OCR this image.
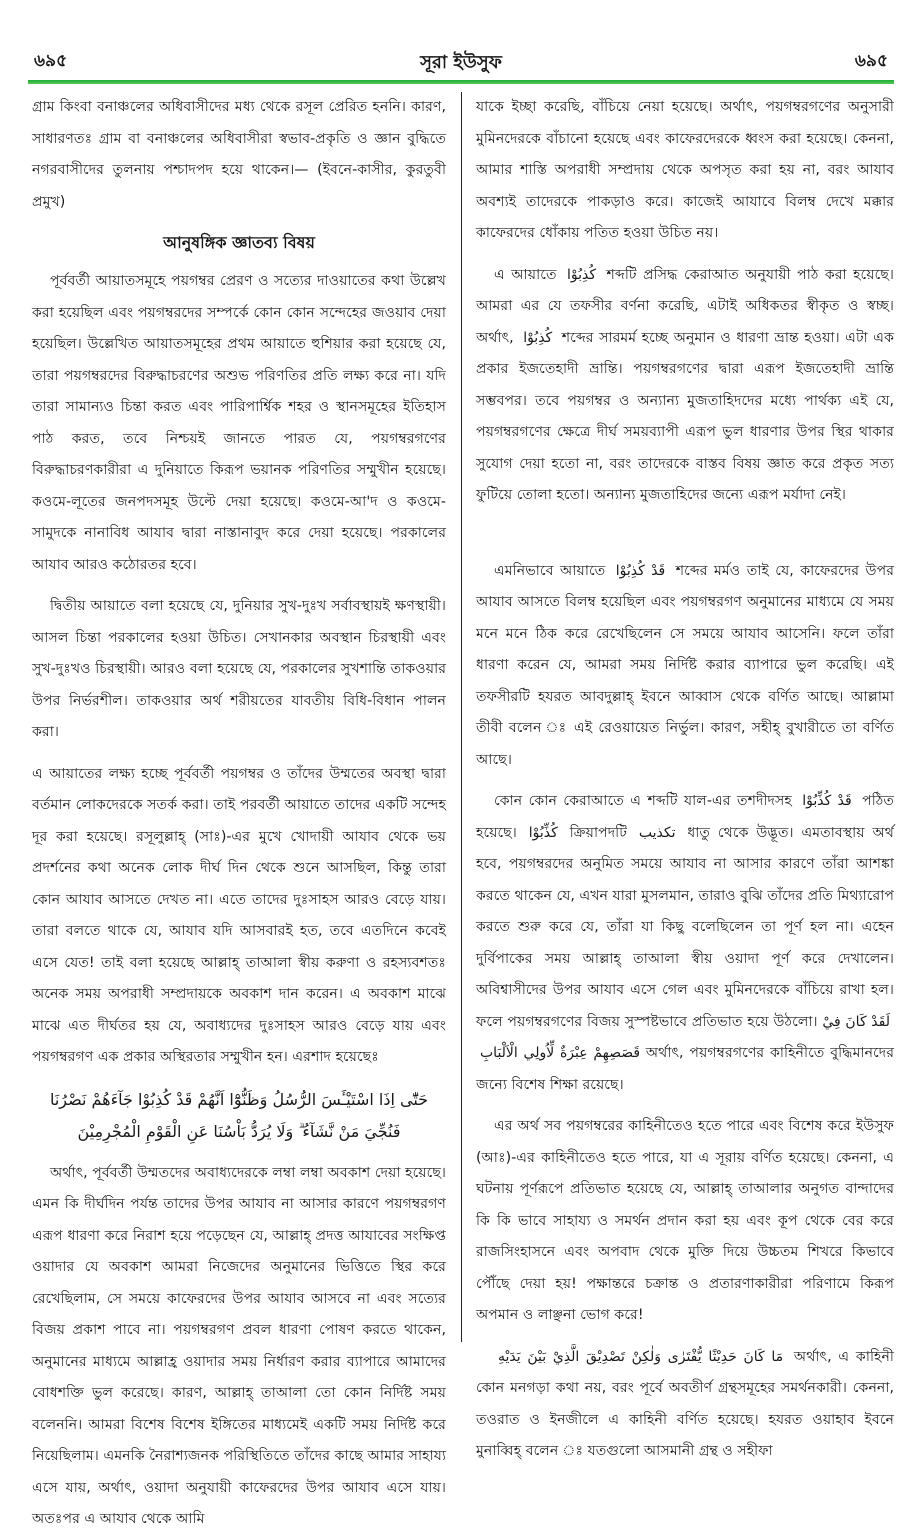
৬৯৫	সূরা ইউসুফ	৬৯৫

গ্রাম কিংবা বনাঞ্চলের অধিবাসীদের মধ্য থেকে রসূল প্রেরিত হননি। কারণ, সাধারণতঃ গ্রাম বা বনাঞ্চলের অধিবাসীরা স্বভাব-প্রকৃতি ও জ্ঞান বুদ্ধিতে নগরবাসীদের তুলনায় পশ্চাদপদ হয়ে থাকেন।— (ইবনে-কাসীর, কুরতুবী প্রমুখ)

আনুষঙ্গিক জ্ঞাতব্য বিষয়

পূর্ববর্তী আয়াতসমূহে পয়গম্বর প্রেরণ ও সত্যের দাওয়াতের কথা উল্লেখ করা হয়েছিল এবং পয়গম্বরদের সম্পর্কে কোন কোন সন্দেহের জওয়াব দেয়া হয়েছিল। উল্লেখিত আয়াতসমূহের প্রথম আয়াতে হুশিয়ার করা হয়েছে যে, তারা পয়গম্বরদের বিরুদ্ধাচরণের অশুভ পরিণতির প্রতি লক্ষ্য করে না। যদি তারা সামান্যও চিন্তা করত এবং পারিপার্শ্বিক শহর ও স্থানসমূহের ইতিহাস পাঠ করত, তবে নিশ্চয়ই জানতে পারত যে, পয়গম্বরগণের বিরুদ্ধাচরণকারীরা এ দুনিয়াতে কিরূপ ভয়ানক পরিণতির সম্মুখীন হয়েছে। কওমে-লূতের জনপদসমূহ উল্টে দেয়া হয়েছে। কওমে-আ'দ ও কওমে-সামুদকে নানাবিধ আযাব দ্বারা নাস্তানাবুদ করে দেয়া হয়েছে। পরকালের আযাব আরও কঠোরতর হবে।

দ্বিতীয় আয়াতে বলা হয়েছে যে, দুনিয়ার সুখ-দুঃখ সর্বাবস্থায়ই ক্ষণস্থায়ী। আসল চিন্তা পরকালের হওয়া উচিত। সেখানকার অবস্থান চিরস্থায়ী এবং সুখ-দুঃখও চিরস্থায়ী। আরও বলা হয়েছে যে, পরকালের সুখশান্তি তাকওয়ার উপর নির্ভরশীল। তাকওয়ার অর্থ শরীয়তের যাবতীয় বিধি-বিধান পালন করা।

এ আয়াতের লক্ষ্য হচ্ছে পূর্ববর্তী পয়গম্বর ও তাঁদের উম্মতের অবস্থা দ্বারা বর্তমান লোকদেরকে সতর্ক করা। তাই পরবর্তী আয়াতে তাদের একটি সন্দেহ দূর করা হয়েছে। রসূলুল্লাহ্ (সাঃ)-এর মুখে খোদায়ী আযাব থেকে ভয় প্রদর্শনের কথা অনেক লোক দীর্ঘ দিন থেকে শুনে আসছিল, কিন্তু তারা কোন আযাব আসতে দেখত না। এতে তাদের দুঃসাহস আরও বেড়ে যায়। তারা বলতে থাকে যে, আযাব যদি আসবারই হত, তবে এতদিনে কবেই এসে যেত! তাই বলা হয়েছে আল্লাহ্ তাআলা স্বীয় করুণা ও রহস্যবশতঃ অনেক সময় অপরাধী সম্প্রদায়কে অবকাশ দান করেন। এ অবকাশ মাঝে মাঝে এত দীর্ঘতর হয় যে, অবাধ্যদের দুঃসাহস আরও বেড়ে যায় এবং পয়গম্বরগণ এক প্রকার অস্থিরতার সম্মুখীন হন। এরশাদ হয়েছেঃ

حَتّٰٓى اِذَا اسْتَيْـَٔسَ الرُّسُلُ وَظَنُّوْٓا اَنَّهُمْ قَدْ كُذِبُوْا جَآءَهُمْ نَصْرُنَا
فَنُجِّيَ مَنْ نَّشَآءُ ۗ وَلَا يُرَدُّ بَاْسُنَا عَنِ الْقَوْمِ الْمُجْرِمِيْنَ

অর্থাৎ, পূর্ববর্তী উম্মতদের অবাধ্যদেরকে লম্বা লম্বা অবকাশ দেয়া হয়েছে। এমন কি দীর্ঘদিন পর্যন্ত তাদের উপর আযাব না আসার কারণে পয়গম্বরগণ এরূপ ধারণা করে নিরাশ হয়ে পড়েছেন যে, আল্লাহ্ প্রদত্ত আযাবের সংক্ষিপ্ত ওয়াদার যে অবকাশ আমরা নিজেদের অনুমানের ভিত্তিতে স্থির করে রেখেছিলাম, সে সময়ে কাফেরদের উপর আযাব আসবে না এবং সত্যের বিজয় প্রকাশ পাবে না। পয়গম্বরগণ প্রবল ধারণা পোষণ করতে থাকেন, অনুমানের মাধ্যমে আল্লাহ্র ওয়াদার সময় নির্ধারণ করার ব্যাপারে আমাদের বোধশক্তি ভুল করেছে। কারণ, আল্লাহ্ তাআলা তো কোন নির্দিষ্ট সময় বলেননি। আমরা বিশেষ বিশেষ ইঙ্গিতের মাধ্যমেই একটি সময় নির্দিষ্ট করে নিয়েছিলাম। এমনকি নৈরাশ্যজনক পরিস্থিতিতে তাঁদের কাছে আমার সাহায্য এসে যায়, অর্থাৎ, ওয়াদা অনুযায়ী কাফেরদের উপর আযাব এসে যায়। অতঃপর এ আযাব থেকে আমি

যাকে ইচ্ছা করেছি, বাঁচিয়ে নেয়া হয়েছে। অর্থাৎ, পয়গম্বরগণের অনুসারী মুমিনদেরকে বাঁচানো হয়েছে এবং কাফেরদেরকে ধ্বংস করা হয়েছে। কেননা, আমার শাস্তি অপরাধী সম্প্রদায় থেকে অপসৃত করা হয় না, বরং আযাব অবশ্যই তাদেরকে পাকড়াও করে। কাজেই আযাবে বিলম্ব দেখে মক্কার কাফেরদের ধোঁকায় পতিত হওয়া উচিত নয়।

এ আয়াতে كُذِبُوْا শব্দটি প্রসিদ্ধ কেরাআত অনুযায়ী পাঠ করা হয়েছে। আমরা এর যে তফসীর বর্ণনা করেছি, এটাই অধিকতর স্বীকৃত ও স্বচ্ছ। অর্থাৎ, كُذِبُوْا শব্দের সারমর্ম হচ্ছে অনুমান ও ধারণা ভ্রান্ত হওয়া। এটা এক প্রকার ইজতেহাদী ভ্রান্তি। পয়গম্বরগণের দ্বারা এরূপ ইজতেহাদী ভ্রান্তি সম্ভবপর। তবে পয়গম্বর ও অন্যান্য মুজতাহিদদের মধ্যে পার্থক্য এই যে, পয়গম্বরগণের ক্ষেত্রে দীর্ঘ সময়ব্যাপী এরূপ ভুল ধারণার উপর স্থির থাকার সুযোগ দেয়া হতো না, বরং তাদেরকে বাস্তব বিষয় জ্ঞাত করে প্রকৃত সত্য ফুটিয়ে তোলা হতো। অন্যান্য মুজতাহিদের জন্যে এরূপ মর্যাদা নেই।

এমনিভাবে আয়াতে قَدْ كُذِبُوْا শব্দের মর্মও তাই যে, কাফেরদের উপর আযাব আসতে বিলম্ব হয়েছিল এবং পয়গম্বরগণ অনুমানের মাধ্যমে যে সময় মনে মনে ঠিক করে রেখেছিলেন সে সময়ে আযাব আসেনি। ফলে তাঁরা ধারণা করেন যে, আমরা সময় নির্দিষ্ট করার ব্যাপারে ভুল করেছি। এই তফসীরটি হযরত আবদুল্লাহ্ ইবনে আব্বাস থেকে বর্ণিত আছে। আল্লামা তীবী বলেন ঃ এই রেওয়ায়েত নির্ভুল। কারণ, সহীহ্ বুখারীতে তা বর্ণিত আছে।

কোন কোন কেরাআতে এ শব্দটি যাল-এর তশদীদসহ قَدْ كُذِّبُوْا পঠিত হয়েছে। كُذِّبُوْا ক্রিয়াপদটি تكذيب ধাতু থেকে উদ্ভূত। এমতাবস্থায় অর্থ হবে, পয়গম্বরদের অনুমিত সময়ে আযাব না আসার কারণে তাঁরা আশঙ্কা করতে থাকেন যে, এখন যারা মুসলমান, তারাও বুঝি তাঁদের প্রতি মিথ্যারোপ করতে শুরু করে যে, তাঁরা যা কিছু বলেছিলেন তা পূর্ণ হল না। এহেন দুর্বিপাকের সময় আল্লাহ্ তাআলা স্বীয় ওয়াদা পূর্ণ করে দেখালেন। অবিশ্বাসীদের উপর আযাব এসে গেল এবং মুমিনদেরকে বাঁচিয়ে রাখা হল। ফলে পয়গম্বরগণের বিজয় সুস্পষ্টভাবে প্রতিভাত হয়ে উঠলো। لَقَدْ كَانَ فِيْ قَصَصِهِمْ عِبْرَةٌ لِّاُولِي الْاَلْبَابِ অর্থাৎ, পয়গম্বরগণের কাহিনীতে বুদ্ধিমানদের জন্যে বিশেষ শিক্ষা রয়েছে।

এর অর্থ সব পয়গম্বরের কাহিনীতেও হতে পারে এবং বিশেষ করে ইউসুফ (আঃ)-এর কাহিনীতেও হতে পারে, যা এ সূরায় বর্ণিত হয়েছে। কেননা, এ ঘটনায় পূর্ণরূপে প্রতিভাত হয়েছে যে, আল্লাহ্ তাআলার অনুগত বান্দাদের কি কি ভাবে সাহায্য ও সমর্থন প্রদান করা হয় এবং কূপ থেকে বের করে রাজসিংহাসনে এবং অপবাদ থেকে মুক্তি দিয়ে উচ্চতম শিখরে কিভাবে পৌঁছে দেয়া হয়! পক্ষান্তরে চক্রান্ত ও প্রতারণাকারীরা পরিণামে কিরূপ অপমান ও লাঞ্ছনা ভোগ করে!

مَا كَانَ حَدِيْثًا يُّفْتَرٰى وَلٰكِنْ تَصْدِيْقَ الَّذِيْ بَيْنَ يَدَيْهِ অর্থাৎ, এ কাহিনী কোন মনগড়া কথা নয়, বরং পূর্বে অবতীর্ণ গ্রন্থসমূহের সমর্থনকারী। কেননা, তওরাত ও ইনজীলে এ কাহিনী বর্ণিত হয়েছে। হযরত ওয়াহাব ইবনে মুনাব্বিহ্ বলেন ঃ যতগুলো আসমানী গ্রন্থ ও সহীফা
